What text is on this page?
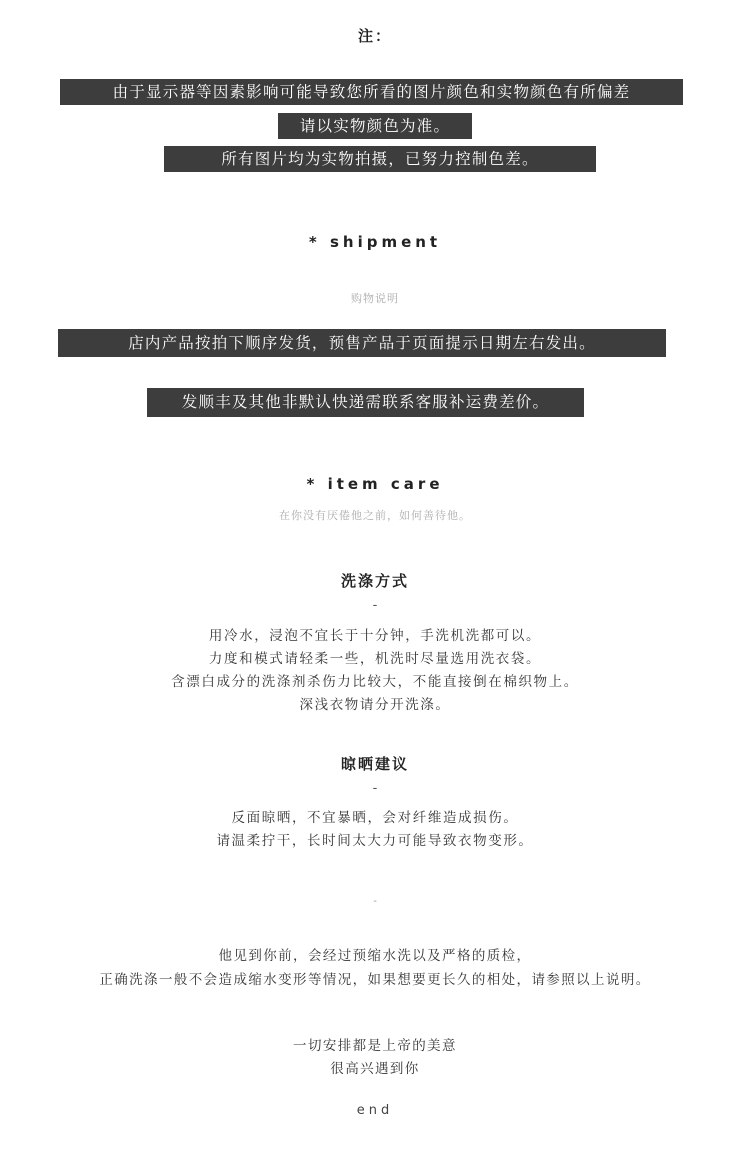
注：
由于显示器等因素影响可能导致您所看的图片颜色和实物颜色有所偏差
请以实物颜色为准。
所有图片均为实物拍摄，已努力控制色差。
* shipment
购物说明
店内产品按拍下顺序发货，预售产品于页面提示日期左右发出。
发顺丰及其他非默认快递需联系客服补运费差价。
* item care
在你没有厌倦他之前，如何善待他。
洗涤方式
-
用冷水，浸泡不宜长于十分钟，手洗机洗都可以。
力度和模式请轻柔一些，机洗时尽量选用洗衣袋。
含漂白成分的洗涤剂杀伤力比较大，不能直接倒在棉织物上。
深浅衣物请分开洗涤。
晾晒建议
-
反面晾晒，不宜暴晒，会对纤维造成损伤。
请温柔拧干，长时间太大力可能导致衣物变形。
-
他见到你前，会经过预缩水洗以及严格的质检，
正确洗涤一般不会造成缩水变形等情况，如果想要更长久的相处，请参照以上说明。
一切安排都是上帝的美意
很高兴遇到你
end
